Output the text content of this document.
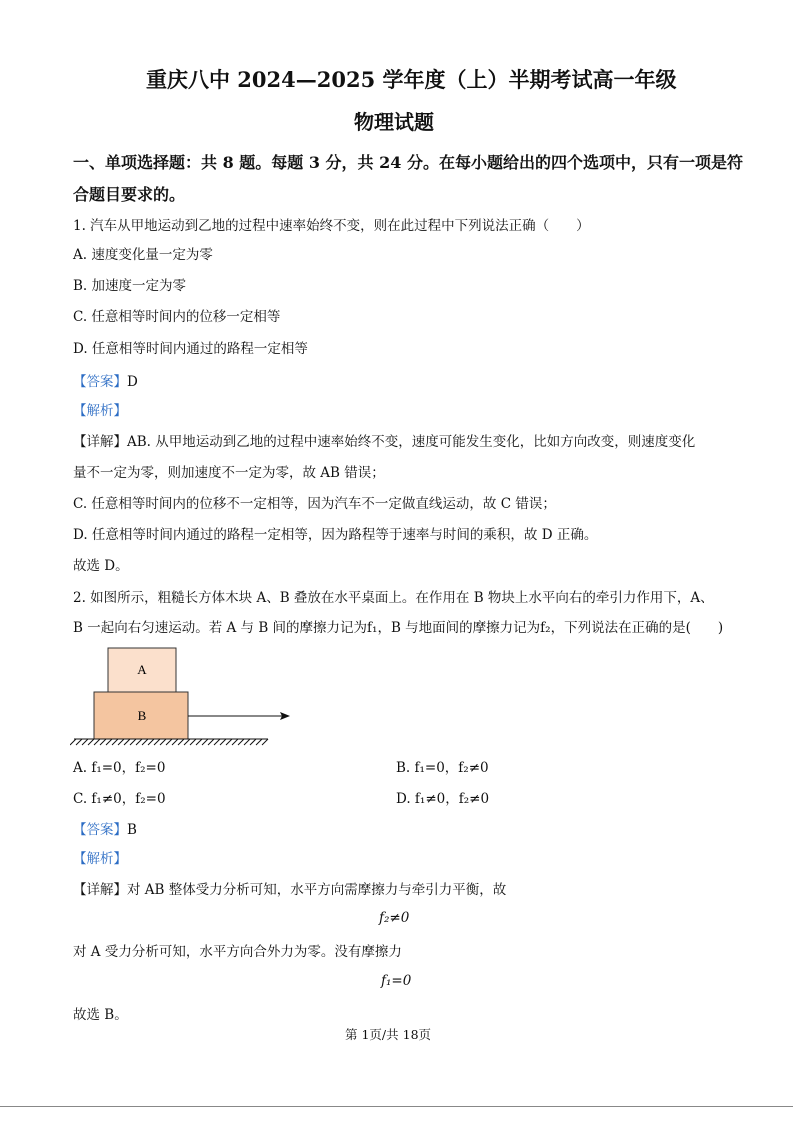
重庆八中 2024—2025 学年度（上）半期考试高一年级
物理试题
一、单项选择题：共 8 题。每题 3 分，共 24 分。在每小题给出的四个选项中，只有一项是符
合题目要求的。
1. 汽车从甲地运动到乙地的过程中速率始终不变，则在此过程中下列说法正确（　　）
A. 速度变化量一定为零
B. 加速度一定为零
C. 任意相等时间内的位移一定相等
D. 任意相等时间内通过的路程一定相等
【答案】D
【解析】
【详解】AB. 从甲地运动到乙地的过程中速率始终不变，速度可能发生变化，比如方向改变，则速度变化
量不一定为零，则加速度不一定为零，故 AB 错误；
C. 任意相等时间内的位移不一定相等，因为汽车不一定做直线运动，故 C 错误；
D. 任意相等时间内通过的路程一定相等，因为路程等于速率与时间的乘积，故 D 正确。
故选 D。
2. 如图所示，粗糙长方体木块 A、B 叠放在水平桌面上。在作用在 B 物块上水平向右的牵引力作用下，A、
B 一起向右匀速运动。若 A 与 B 间的摩擦力记为f₁，B 与地面间的摩擦力记为f₂，下列说法在正确的是(　　)
A
B
A. f₁=0，f₂=0	B. f₁=0，f₂≠0
C. f₁≠0，f₂=0	D. f₁≠0，f₂≠0
【答案】B
【解析】
【详解】对 AB 整体受力分析可知，水平方向需摩擦力与牵引力平衡，故
f₂≠0
对 A 受力分析可知，水平方向合外力为零。没有摩擦力
f₁=0
故选 B。
第 1页/共 18页
